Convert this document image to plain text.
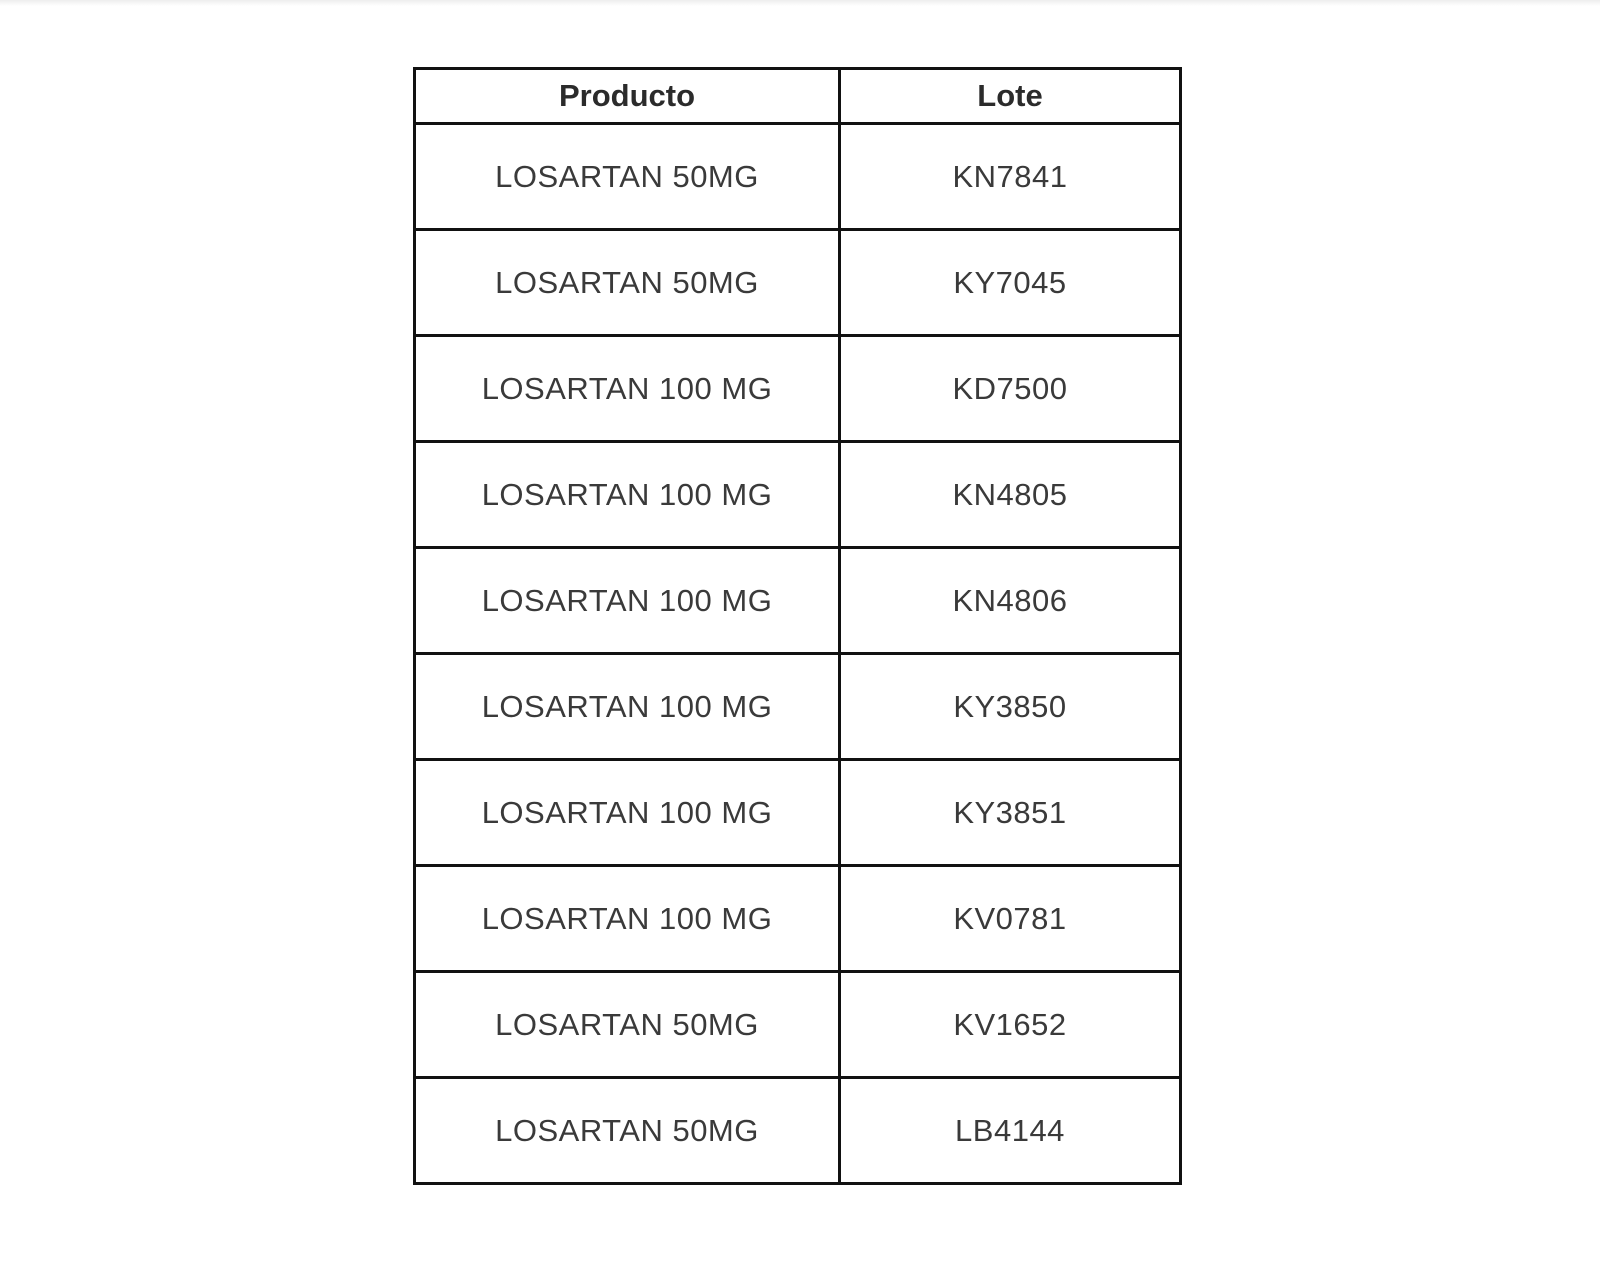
Producto	Lote
LOSARTAN 50MG	KN7841
LOSARTAN 50MG	KY7045
LOSARTAN 100 MG	KD7500
LOSARTAN 100 MG	KN4805
LOSARTAN 100 MG	KN4806
LOSARTAN 100 MG	KY3850
LOSARTAN 100 MG	KY3851
LOSARTAN 100 MG	KV0781
LOSARTAN 50MG	KV1652
LOSARTAN 50MG	LB4144
